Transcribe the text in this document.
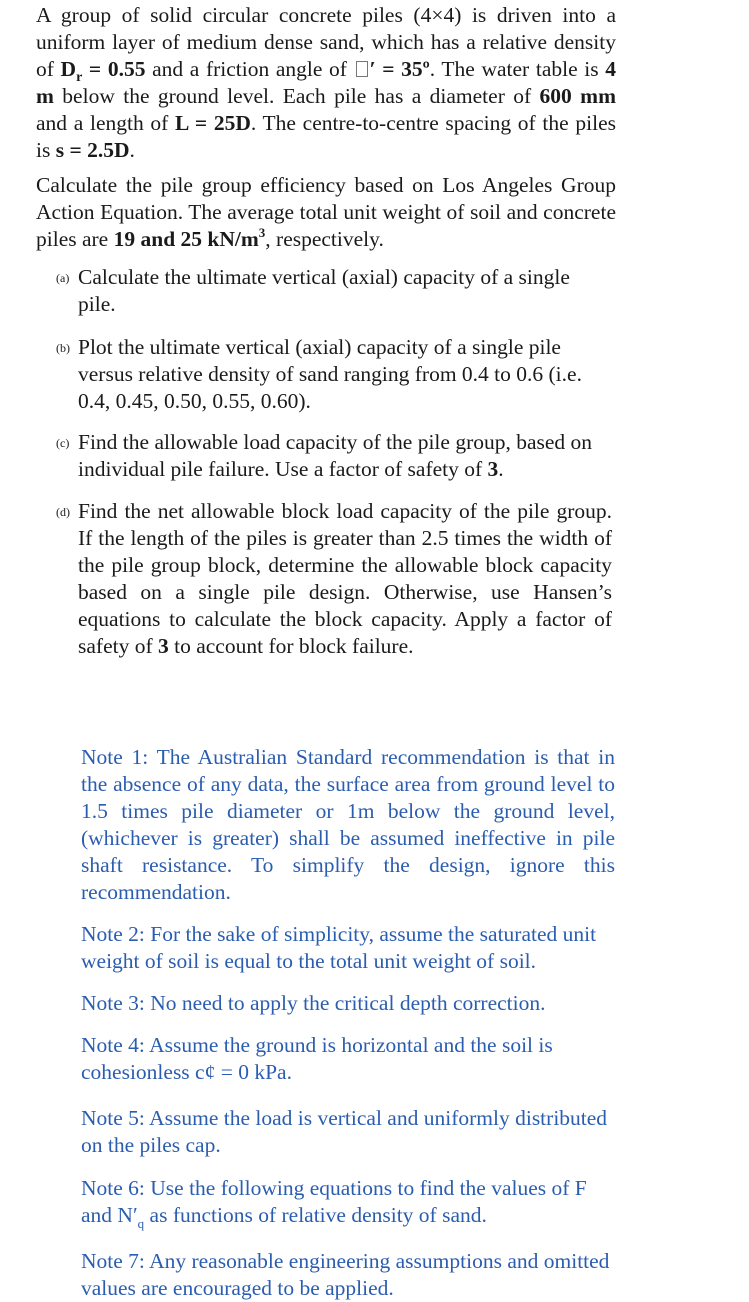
A group of solid circular concrete piles (4×4) is driven into a uniform layer of medium dense sand, which has a relative density of $D_r = 0.55$ and a friction angle of ′ = 35º. The water table is 4 m below the ground level. Each pile has a diameter of 600 mm and a length of L = 25D. The centre-to-centre spacing of the piles is s = 2.5D.

Calculate the pile group efficiency based on Los Angeles Group Action Equation. The average total unit weight of soil and concrete piles are 19 and 25 $kN/m^3$, respectively.

(a) Calculate the ultimate vertical (axial) capacity of a single pile.
(b) Plot the ultimate vertical (axial) capacity of a single pile versus relative density of sand ranging from 0.4 to 0.6 (i.e. 0.4, 0.45, 0.50, 0.55, 0.60).
(c) Find the allowable load capacity of the pile group, based on individual pile failure. Use a factor of safety of 3.
(d) Find the net allowable block load capacity of the pile group. If the length of the piles is greater than 2.5 times the width of the pile group block, determine the allowable block capacity based on a single pile design. Otherwise, use Hansen’s equations to calculate the block capacity. Apply a factor of safety of 3 to account for block failure.

Note 1: The Australian Standard recommendation is that in the absence of any data, the surface area from ground level to 1.5 times pile diameter or 1m below the ground level, (whichever is greater) shall be assumed ineffective in pile shaft resistance. To simplify the design, ignore this recommendation.

Note 2: For the sake of simplicity, assume the saturated unit weight of soil is equal to the total unit weight of soil.

Note 3: No need to apply the critical depth correction.

Note 4: Assume the ground is horizontal and the soil is cohesionless c¢ = 0 kPa.

Note 5: Assume the load is vertical and uniformly distributed on the piles cap.

Note 6: Use the following equations to find the values of F and $N'_q$ as functions of relative density of sand.

Note 7: Any reasonable engineering assumptions and omitted values are encouraged to be applied.
